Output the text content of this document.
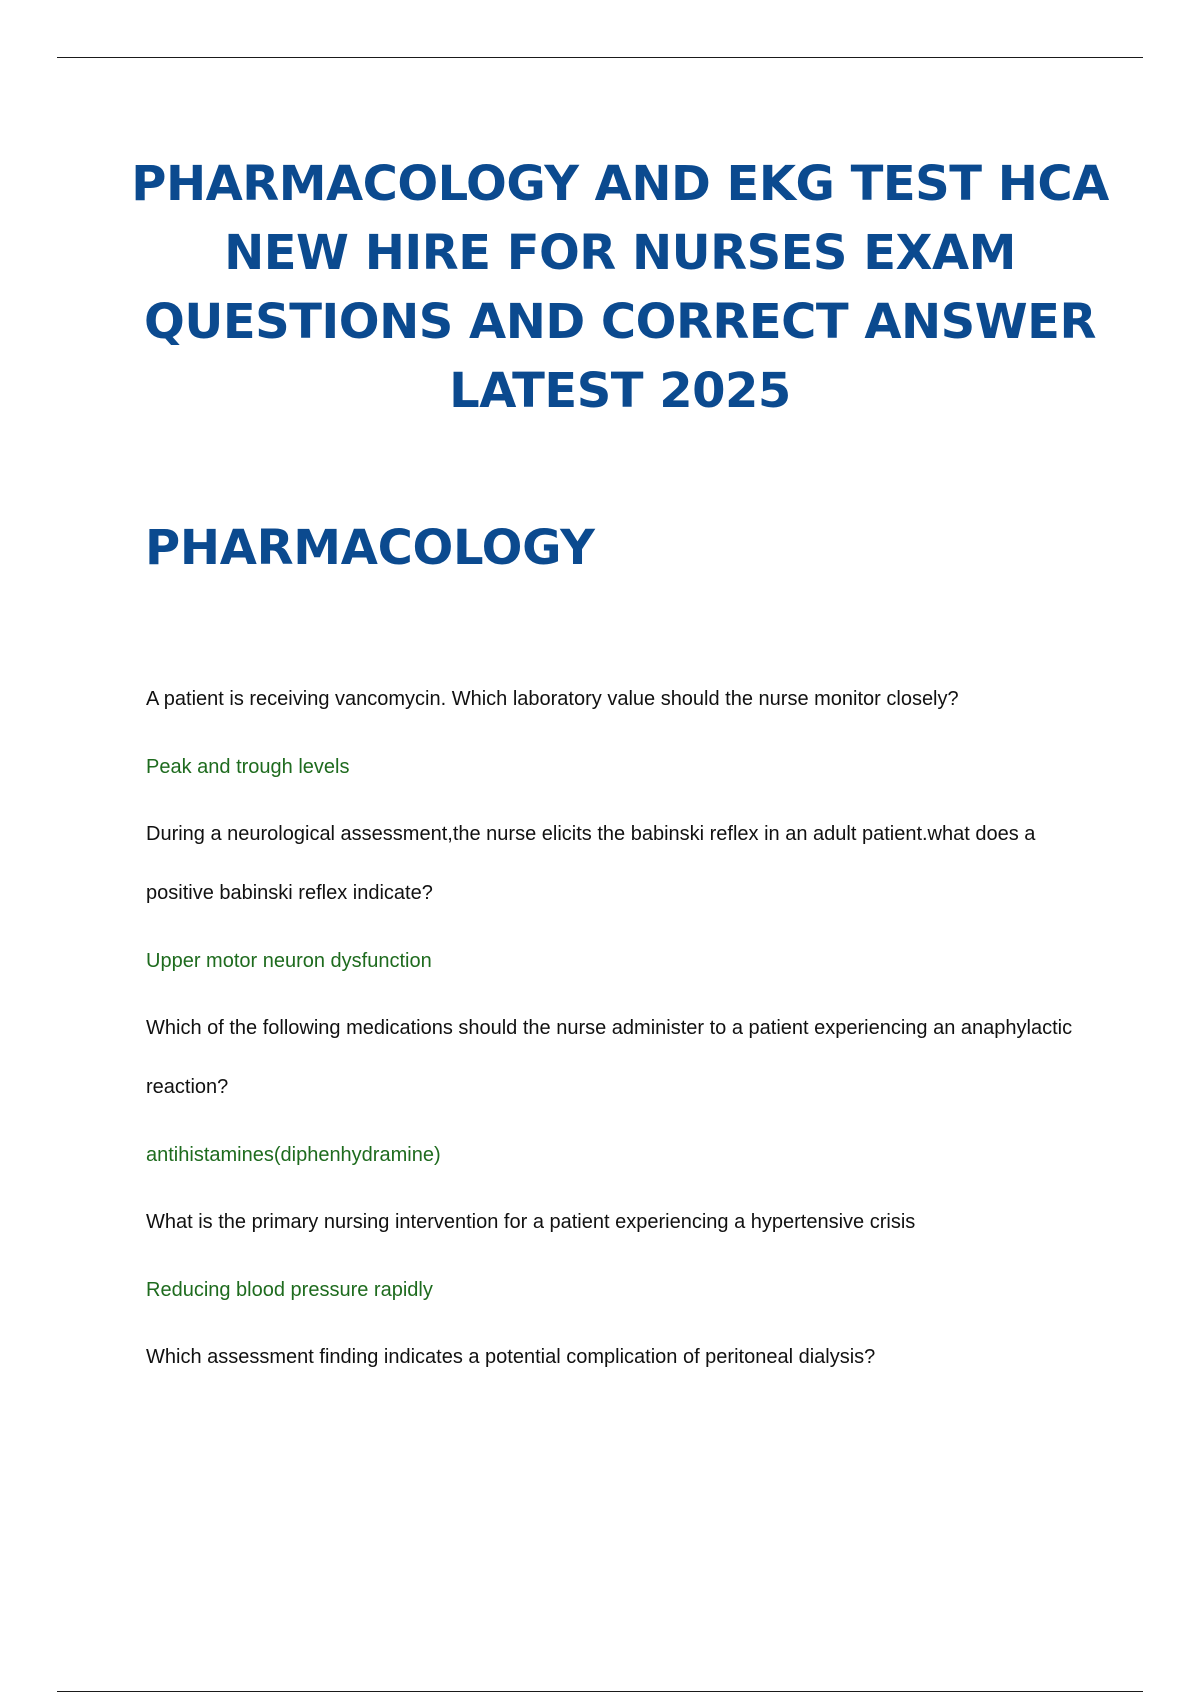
PHARMACOLOGY AND EKG TEST HCA NEW HIRE FOR NURSES EXAM QUESTIONS AND CORRECT ANSWER LATEST 2025
PHARMACOLOGY

A patient is receiving vancomycin. Which laboratory value should the nurse monitor closely?

Peak and trough levels

During a neurological assessment,the nurse elicits the babinski reflex in an adult patient.what does a positive babinski reflex indicate?

Upper motor neuron dysfunction

Which of the following medications should the nurse administer to a patient experiencing an anaphylactic reaction?

antihistamines(diphenhydramine)

What is the primary nursing intervention for a patient experiencing a hypertensive crisis

Reducing blood pressure rapidly

Which assessment finding indicates a potential complication of peritoneal dialysis?
